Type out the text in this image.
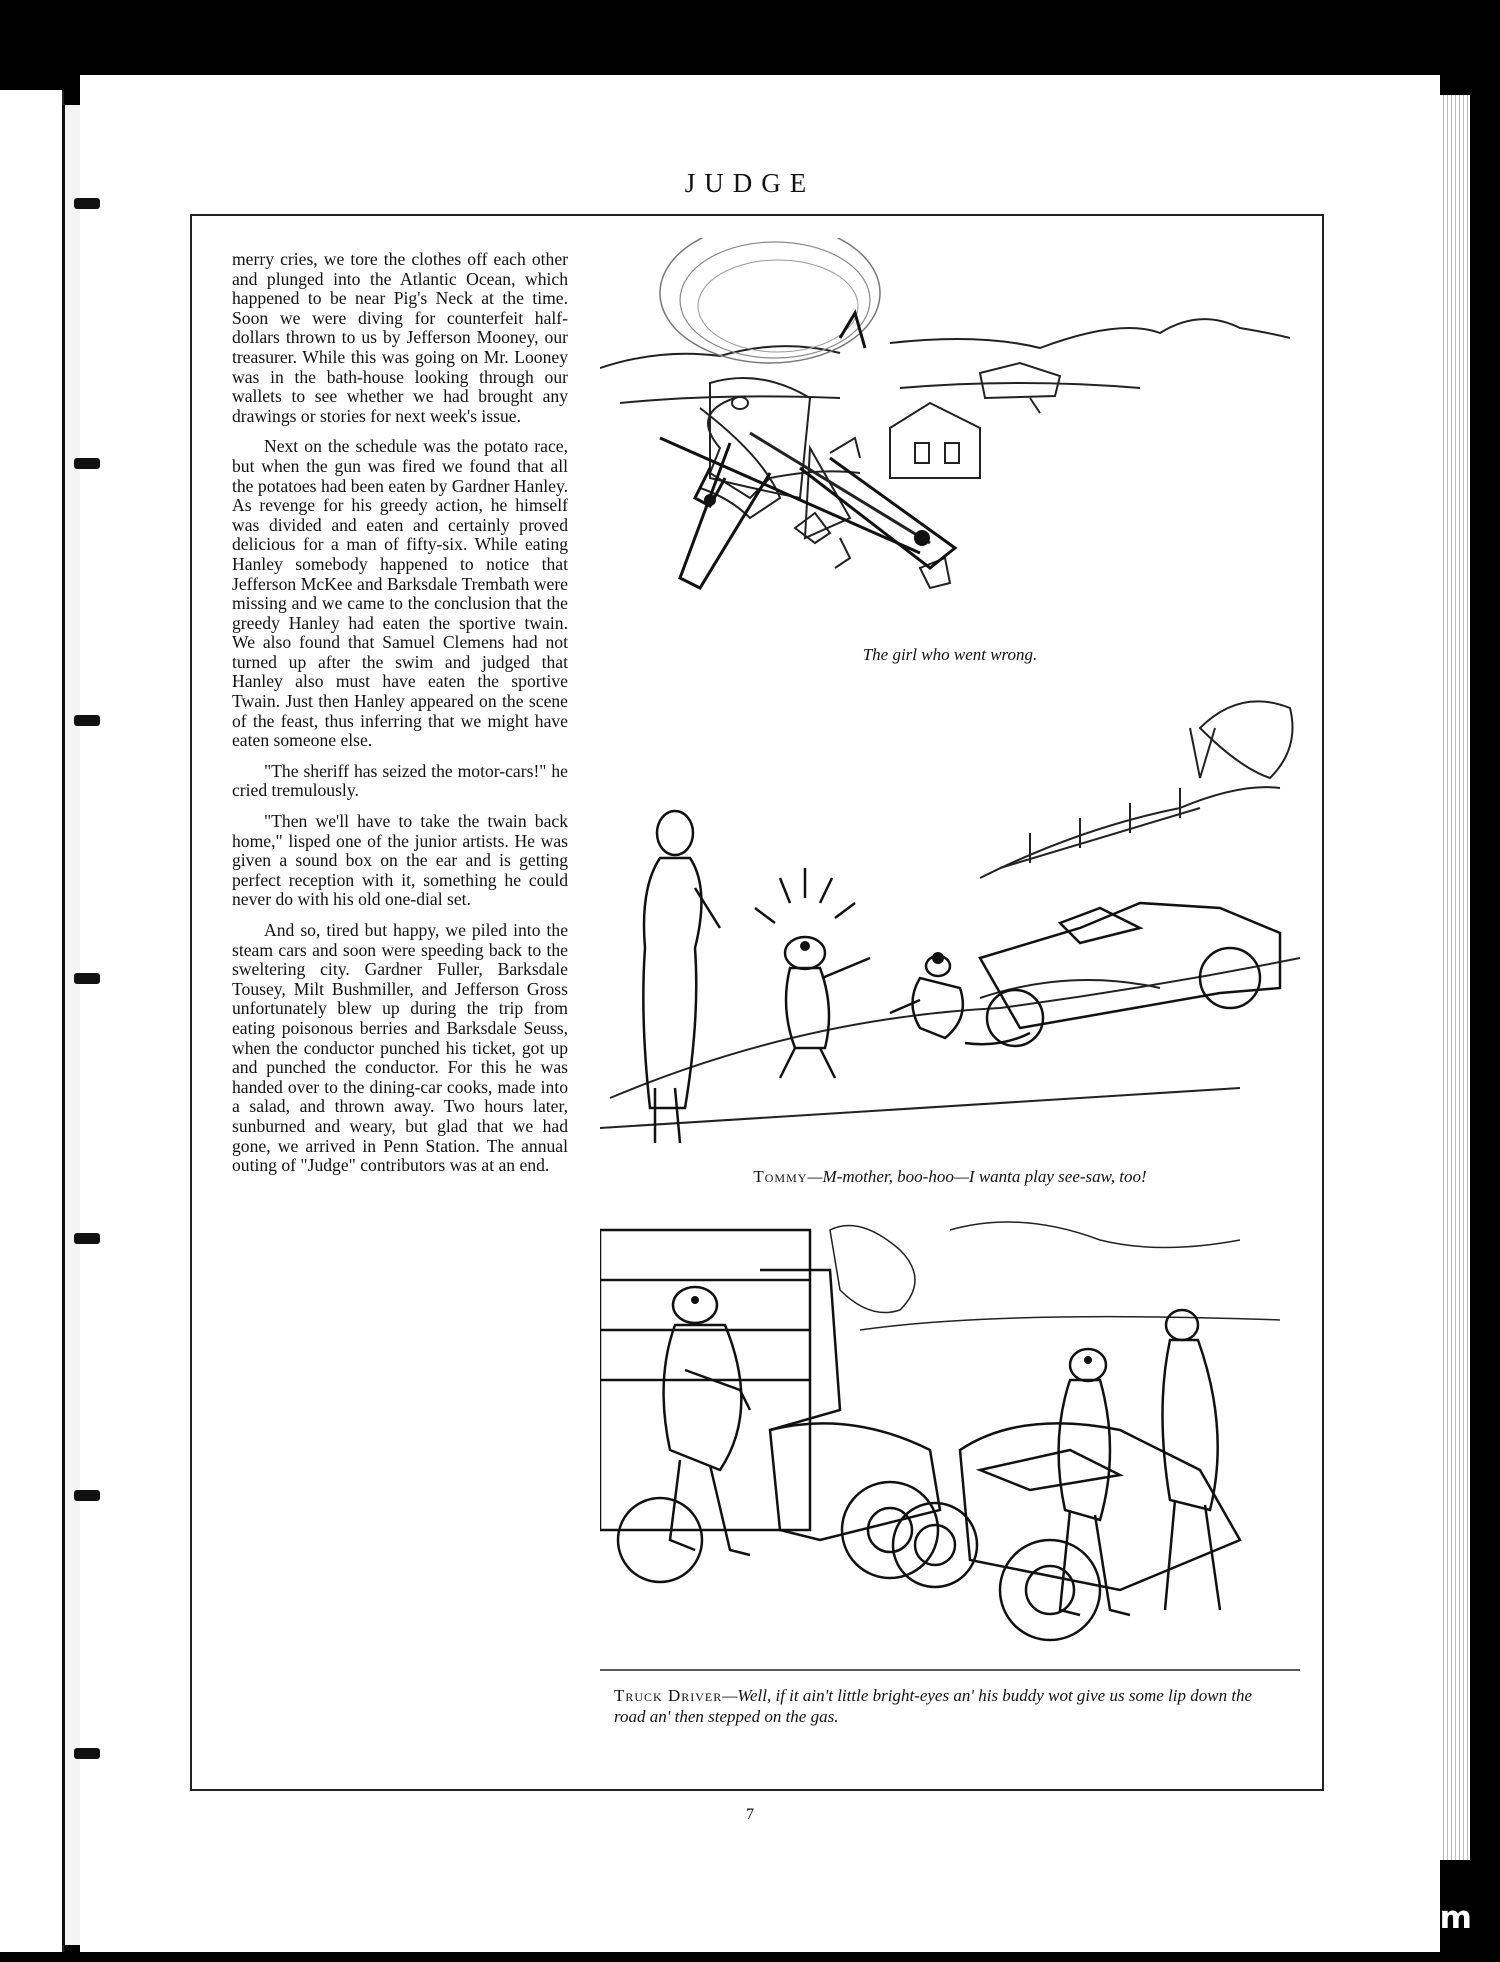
JUDGE

merry cries, we tore the clothes off each other and plunged into the Atlantic Ocean, which happened to be near Pig's Neck at the time. Soon we were diving for counterfeit half-dollars thrown to us by Jefferson Mooney, our treasurer. While this was going on Mr. Looney was in the bath-house looking through our wallets to see whether we had brought any drawings or stories for next week's issue.

Next on the schedule was the potato race, but when the gun was fired we found that all the potatoes had been eaten by Gardner Hanley. As revenge for his greedy action, he himself was divided and eaten and certainly proved delicious for a man of fifty-six. While eating Hanley somebody happened to notice that Jefferson McKee and Barksdale Trembath were missing and we came to the conclusion that the greedy Hanley had eaten the sportive twain. We also found that Samuel Clemens had not turned up after the swim and judged that Hanley also must have eaten the sportive Twain. Just then Hanley appeared on the scene of the feast, thus inferring that we might have eaten someone else.

"The sheriff has seized the motor-cars!" he cried tremulously.

"Then we'll have to take the twain back home," lisped one of the junior artists. He was given a sound box on the ear and is getting perfect reception with it, something he could never do with his old one-dial set.

And so, tired but happy, we piled into the steam cars and soon were speeding back to the sweltering city. Gardner Fuller, Barksdale Tousey, Milt Bushmiller, and Jefferson Gross unfortunately blew up during the trip from eating poisonous berries and Barksdale Seuss, when the conductor punched his ticket, got up and punched the conductor. For this he was handed over to the dining-car cooks, made into a salad, and thrown away. Two hours later, sunburned and weary, but glad that we had gone, we arrived in Penn Station. The annual outing of "Judge" contributors was at an end.

The girl who went wrong.
Tommy—M-mother, boo-hoo—I wanta play see-saw, too!
Truck Driver—Well, if it ain't little bright-eyes an' his buddy wot give us some lip down the road an' then stepped on the gas.
7
comicbooks.com
